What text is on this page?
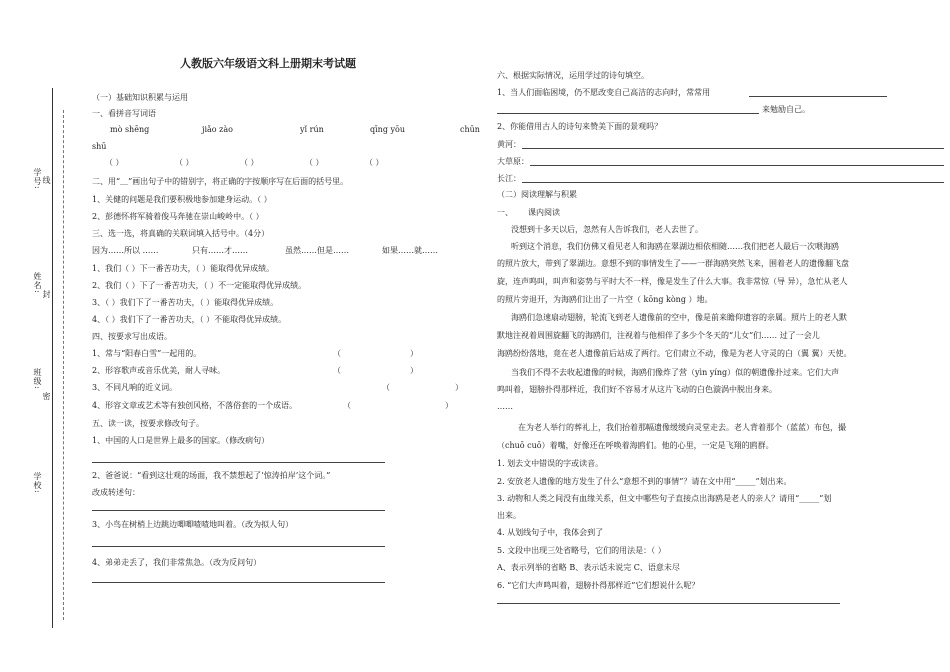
学号: 线
姓名:
封
班级:
密
学校:
人教版六年级语文科上册期末考试题
（一）基础知识积累与运用
一、看拼音写词语
mò shēng	jiǎo zào	yǐ rún	qīng yōu	chūn
shū
（ ）	（ ）	（ ）	（ ）	（ ）
二、用“＿”画出句子中的错别字，将正确的字按顺序写在后面的括号里。
1、关健的问题是我们要积极地参加建身运动。（ ）
2、彭德怀将军骑着俊马奔驰在崇山峻岭中。（ ）
三、选一选，将真确的关联词填入括号中。（4分）
因为……所以 ……	只有……才……	虽然……但是……	如果……就……
1、我们（ ）下一番苦功夫，（ ）能取得优异成绩。
2、我们（ ）下了一番苦功夫，（ ）不一定能取得优异成绩。
3、（ ）我们下了一番苦功夫，（ ）能取得优异成绩。
4、（ ）我们下了一番苦功夫，（ ）不能取得优异成绩。
四、按要求写出成语。
1、常与“阳春白雪”一起用的。	（	）
2、形容歌声或音乐优美，耐人寻味。	（	）
3、不同凡响的近义词。	（	）
4、形容文章或艺术等有独创风格，不落俗套的一个成语。	（	）
五、读一读，按要求修改句子。
1、中国的人口是世界上最多的国家。（修改病句）
2、爸爸说：“看到这壮观的场面，我不禁想起了‘惊涛拍岸’这个词。”
改成转述句：
3、小鸟在树梢上边跳边唧唧喳喳地叫着。（改为拟人句）
4、弟弟走丢了，我们非常焦急。（改为反问句）
六、根据实际情况，运用学过的诗句填空。
1、当人们面临困境，仍不愿改变自己高洁的志向时，常常用
来勉励自己。
2、你能借用古人的诗句来赞美下面的景观吗？
黄河：
大草原：
长江：
（二）阅读理解与积累
一、 课内阅读
没想到十多天以后，忽然有人告诉我们，老人去世了。
听到这个消息，我们仿佛又看见老人和海鸥在翠湖边相依相随……我们把老人最后一次喂海鸥
的照片放大，带到了翠湖边。意想不到的事情发生了——一群海鸥突然飞来，围着老人的遗像翻飞盘
旋，连声鸣叫，叫声和姿势与平时大不一样，像是发生了什么大事。我非常惊（导 异），急忙从老人
的照片旁退开，为海鸥们让出了一片空（ kōng kòng ）地。
海鸥们急速扇动翅膀，轮流飞到老人遗像前的空中，像是前来瞻仰遗容的亲属。照片上的老人默
默地注视着周围旋翻飞的海鸥们，注视着与他相伴了多少个冬天的“儿女”们…… 过了一会儿
海鸥纷纷落地，竟在老人遗像前后站成了两行。它们肃立不动，像是为老人守灵的白（翼 翼）天使。
当我们不得不去收起遗像的时候，海鸥们像炸了营（yìn yíng）似的朝遗像扑过来。它们大声
鸣叫着，翅膀扑得那样近，我们好不容易才从这片飞动的白色漩涡中脱出身来。
……
在为老人举行的葬礼上，我们抬着那幅遗像缓缓向灵堂走去。老人背着那个（蓝蓝）布包，撮
（chuō cuō）着嘴，好像还在呼唤着海鸥们。他的心里，一定是飞翔的鸥群。
1. 划去文中错误的字或读音。
2. 安放老人遗像的地方发生了什么“意想不到的事情”？请在文中用“_____”划出来。
3. 动物和人类之间没有血缘关系，但文中哪些句子直接点出海鸥是老人的亲人？请用“_____”划
出来。
4. 从划线句子中，我体会到了
5. 文段中出现三处省略号，它们的用法是：（ ）
A、表示列举的省略 B、表示话未说完 C、语意未尽
6. “它们大声鸣叫着，翅膀扑得那样近”它们想说什么呢？
